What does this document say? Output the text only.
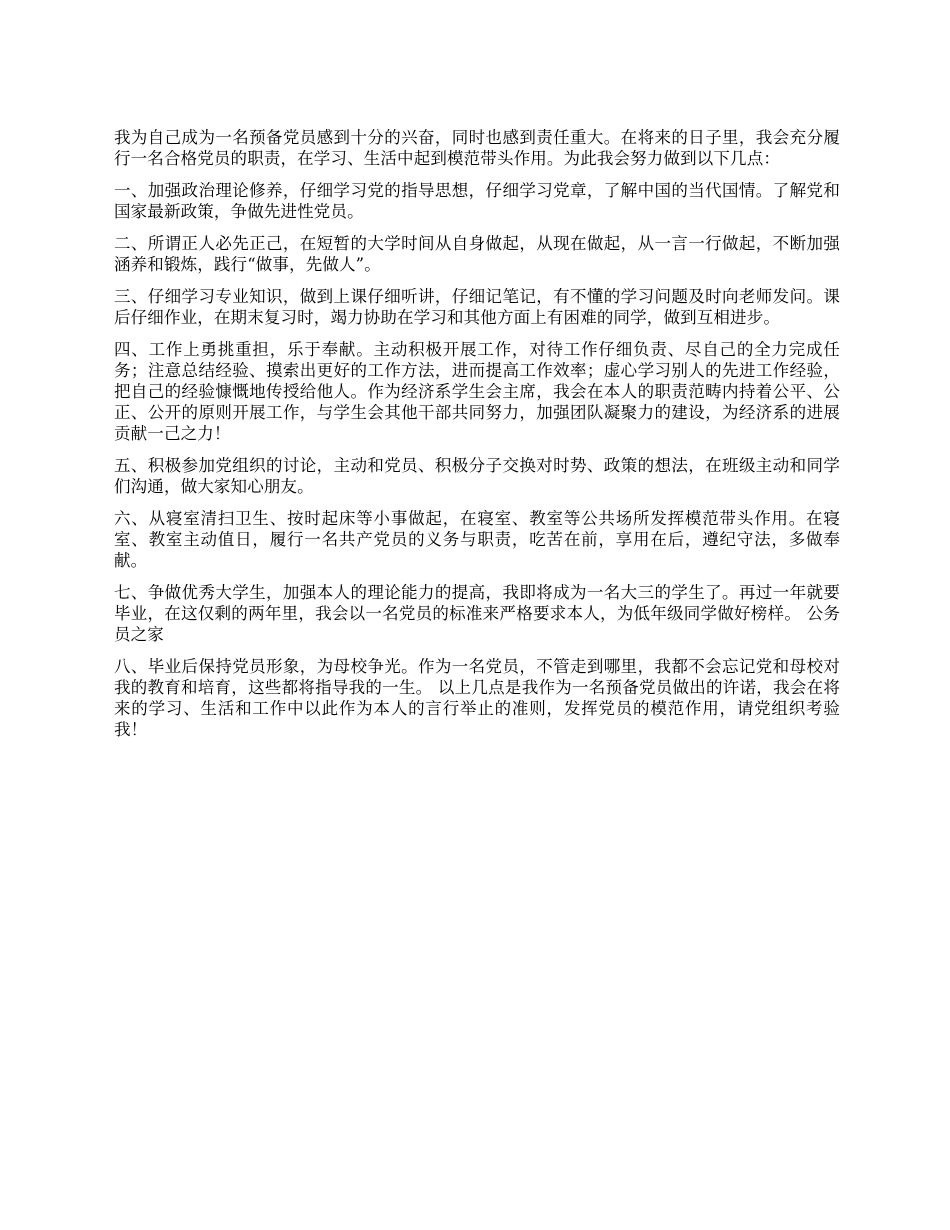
我为自己成为一名预备党员感到十分的兴奋，同时也感到责任重大。在将来的日子里，我会充分履行一名合格党员的职责，在学习、生活中起到模范带头作用。为此我会努力做到以下几点：

一、加强政治理论修养，仔细学习党的指导思想，仔细学习党章，了解中国的当代国情。了解党和国家最新政策，争做先进性党员。

二、所谓正人必先正己，在短暂的大学时间从自身做起，从现在做起，从一言一行做起，不断加强涵养和锻炼，践行“做事，先做人”。

三、仔细学习专业知识，做到上课仔细听讲，仔细记笔记，有不懂的学习问题及时向老师发问。课后仔细作业，在期末复习时，竭力协助在学习和其他方面上有困难的同学，做到互相进步。

四、工作上勇挑重担，乐于奉献。主动积极开展工作，对待工作仔细负责、尽自己的全力完成任务；注意总结经验、摸索出更好的工作方法，进而提高工作效率；虚心学习别人的先进工作经验，把自己的经验慷慨地传授给他人。作为经济系学生会主席，我会在本人的职责范畴内持着公平、公正、公开的原则开展工作，与学生会其他干部共同努力，加强团队凝聚力的建设，为经济系的进展贡献一己之力！

五、积极参加党组织的讨论，主动和党员、积极分子交换对时势、政策的想法，在班级主动和同学们沟通，做大家知心朋友。

六、从寝室清扫卫生、按时起床等小事做起，在寝室、教室等公共场所发挥模范带头作用。在寝室、教室主动值日，履行一名共产党员的义务与职责，吃苦在前，享用在后，遵纪守法，多做奉献。

七、争做优秀大学生，加强本人的理论能力的提高，我即将成为一名大三的学生了。再过一年就要毕业，在这仅剩的两年里，我会以一名党员的标准来严格要求本人，为低年级同学做好榜样。 公务员之家

八、毕业后保持党员形象，为母校争光。作为一名党员，不管走到哪里，我都不会忘记党和母校对我的教育和培育，这些都将指导我的一生。 以上几点是我作为一名预备党员做出的许诺，我会在将来的学习、生活和工作中以此作为本人的言行举止的准则，发挥党员的模范作用，请党组织考验我！
